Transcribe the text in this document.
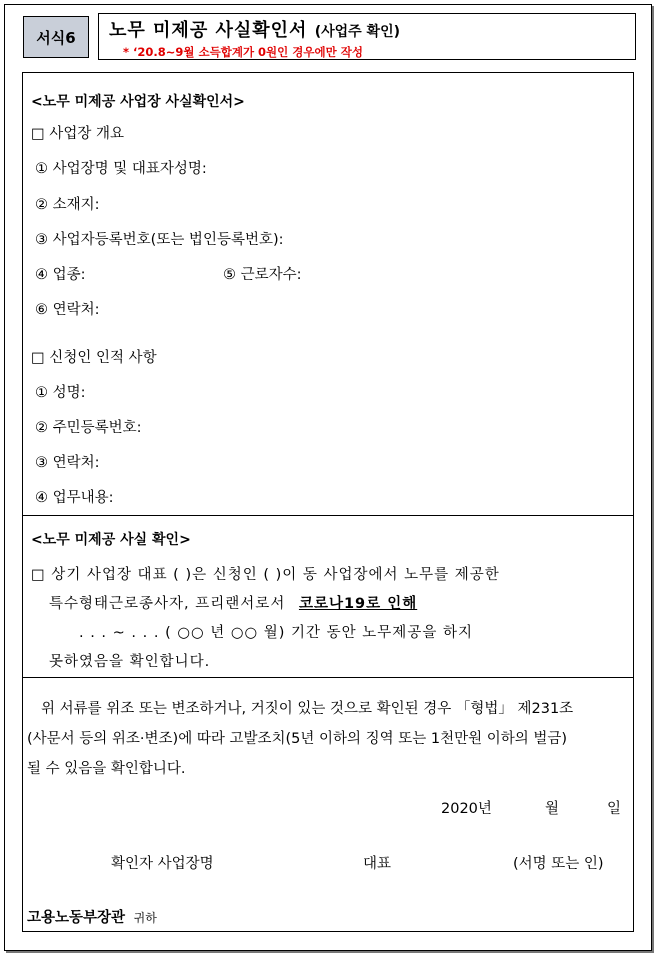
서식6 노무 미제공 사실확인서 (사업주 확인)
* ‘20.8~9월 소득합계가 0원인 경우에만 작성
<노무 미제공 사업장 사실확인서>
□ 사업장 개요
① 사업장명 및 대표자성명:
② 소재지:
③ 사업자등록번호(또는 법인등록번호):
④ 업종:	⑤ 근로자수:
⑥ 연락처:
□ 신청인 인적 사항
① 성명:
② 주민등록번호:
③ 연락처:
④ 업무내용:
<노무 미제공 사실 확인>
□ 상기 사업장 대표 ( )은 신청인 ( )이 동 사업장에서 노무를 제공한
특수형태근로종사자, 프리랜서로서 코로나19로 인해
. . . ~ . . . ( ○○ 년 ○○ 월) 기간 동안 노무제공을 하지
못하였음을 확인합니다.
위 서류를 위조 또는 변조하거나, 거짓이 있는 것으로 확인된 경우 「형법」 제231조
(사문서 등의 위조·변조)에 따라 고발조치(5년 이하의 징역 또는 1천만원 이하의 벌금)
될 수 있음을 확인합니다.
2020년	월	일
확인자 사업장명	대표	(서명 또는 인)
고용노동부장관 귀하
